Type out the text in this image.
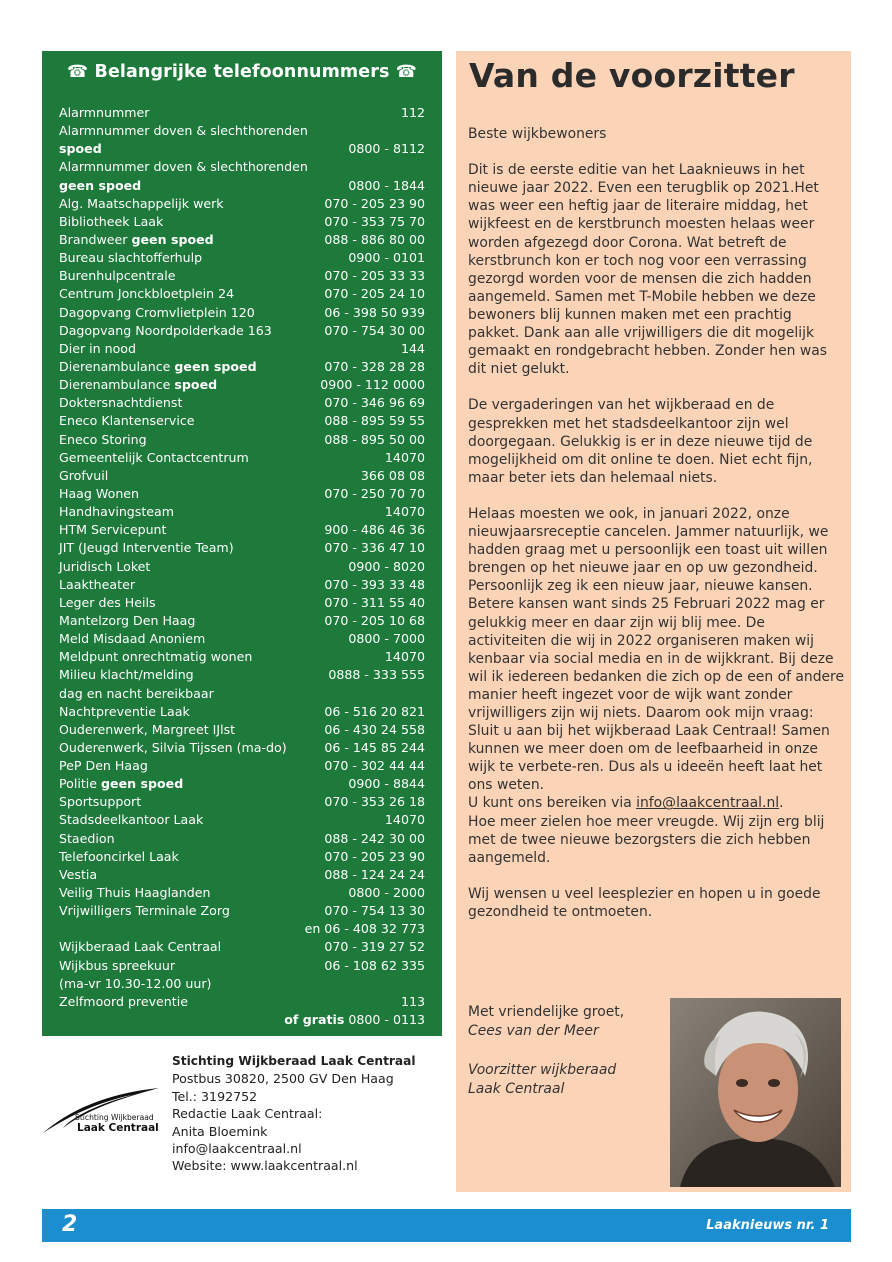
☎ Belangrijke telefoonnummers ☎
Alarmnummer	112
Alarmnummer doven & slechthorenden
spoed	0800 - 8112
Alarmnummer doven & slechthorenden
geen spoed	0800 - 1844
Alg. Maatschappelijk werk	070 - 205 23 90
Bibliotheek Laak	070 - 353 75 70
Brandweer geen spoed	088 - 886 80 00
Bureau slachtofferhulp	0900 - 0101
Burenhulpcentrale	070 - 205 33 33
Centrum Jonckbloetplein 24	070 - 205 24 10
Dagopvang Cromvlietplein 120	06 - 398 50 939
Dagopvang Noordpolderkade 163	070 - 754 30 00
Dier in nood	144
Dierenambulance geen spoed	070 - 328 28 28
Dierenambulance spoed	0900 - 112 0000
Doktersnachtdienst	070 - 346 96 69
Eneco Klantenservice	088 - 895 59 55
Eneco Storing	088 - 895 50 00
Gemeentelijk Contactcentrum	14070
Grofvuil	366 08 08
Haag Wonen	070 - 250 70 70
Handhavingsteam	14070
HTM Servicepunt	900 - 486 46 36
JIT (Jeugd Interventie Team)	070 - 336 47 10
Juridisch Loket	0900 - 8020
Laaktheater	070 - 393 33 48
Leger des Heils	070 - 311 55 40
Mantelzorg Den Haag	070 - 205 10 68
Meld Misdaad Anoniem	0800 - 7000
Meldpunt onrechtmatig wonen	14070
Milieu klacht/melding	0888 - 333 555
dag en nacht bereikbaar
Nachtpreventie Laak	06 - 516 20 821
Ouderenwerk, Margreet IJlst	06 - 430 24 558
Ouderenwerk, Silvia Tijssen (ma-do)	06 - 145 85 244
PeP Den Haag	070 - 302 44 44
Politie geen spoed	0900 - 8844
Sportsupport	070 - 353 26 18
Stadsdeelkantoor Laak	14070
Staedion	088 - 242 30 00
Telefooncirkel Laak	070 - 205 23 90
Vestia	088 - 124 24 24
Veilig Thuis Haaglanden	0800 - 2000
Vrijwilligers Terminale Zorg	070 - 754 13 30
en 06 - 408 32 773
Wijkberaad Laak Centraal	070 - 319 27 52
Wijkbus spreekuur	06 - 108 62 335
(ma-vr 10.30-12.00 uur)
Zelfmoord preventie	113
of gratis 0800 - 0113
Stichting Wijkberaad
Laak Centraal
Stichting Wijkberaad Laak Centraal
Postbus 30820, 2500 GV Den Haag
Tel.: 3192752
Redactie Laak Centraal:
Anita Bloemink
info@laakcentraal.nl
Website: www.laakcentraal.nl
Van de voorzitter

Beste wijkbewoners

Dit is de eerste editie van het Laaknieuws in het nieuwe jaar 2022. Even een terugblik op 2021.Het was weer een heftig jaar de literaire middag, het wijkfeest en de kerstbrunch moesten helaas weer worden afgezegd door Corona. Wat betreft de kerstbrunch kon er toch nog voor een verrassing gezorgd worden voor de mensen die zich hadden aangemeld. Samen met T-Mobile hebben we deze bewoners blij kunnen maken met een prachtig pakket. Dank aan alle vrijwilligers die dit mogelijk gemaakt en rondgebracht hebben. Zonder hen was dit niet gelukt.

De vergaderingen van het wijkberaad en de gesprekken met het stadsdeelkantoor zijn wel doorgegaan. Gelukkig is er in deze nieuwe tijd de mogelijkheid om dit online te doen. Niet echt fijn, maar beter iets dan helemaal niets.

Helaas moesten we ook, in januari 2022, onze nieuwjaarsreceptie cancelen. Jammer natuurlijk, we hadden graag met u persoonlijk een toast uit willen brengen op het nieuwe jaar en op uw gezondheid. Persoonlijk zeg ik een nieuw jaar, nieuwe kansen. Betere kansen want sinds 25 Februari 2022 mag er gelukkig meer en daar zijn wij blij mee. De activiteiten die wij in 2022 organiseren maken wij kenbaar via social media en in de wijkkrant. Bij deze wil ik iedereen bedanken die zich op de een of andere manier heeft ingezet voor de wijk want zonder vrijwilligers zijn wij niets. Daarom ook mijn vraag: Sluit u aan bij het wijkberaad Laak Centraal! Samen kunnen we meer doen om de leefbaarheid in onze wijk te verbete-ren. Dus als u ideeën heeft laat het ons weten.

U kunt ons bereiken via info@laakcentraal.nl.

Hoe meer zielen hoe meer vreugde. Wij zijn erg blij met de twee nieuwe bezorgsters die zich hebben aangemeld.

Wij wensen u veel leesplezier en hopen u in goede gezondheid te ontmoeten.

Met vriendelijke groet,
Cees van der Meer
Voorzitter wijkberaad
Laak Centraal
2	Laaknieuws nr. 1
